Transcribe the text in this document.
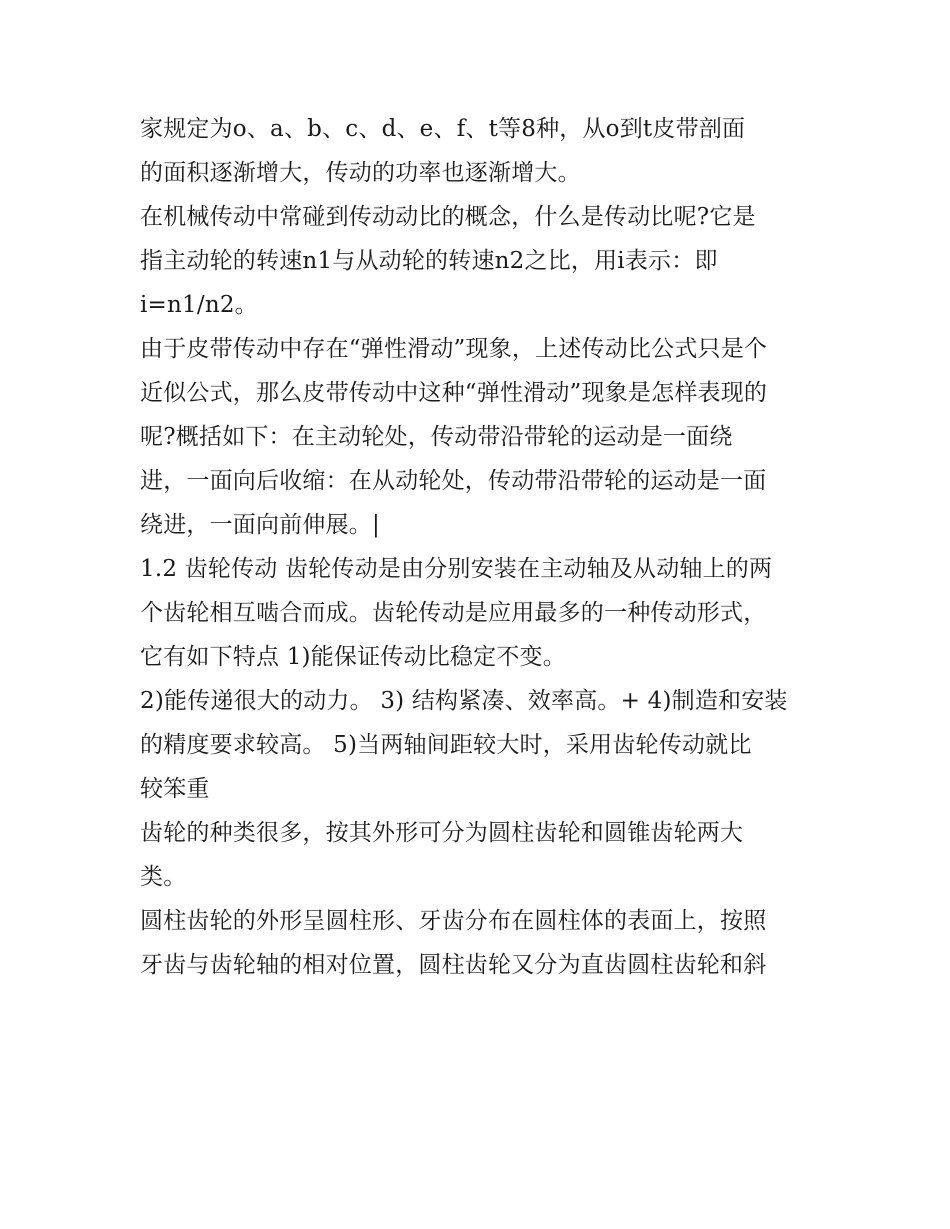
家规定为o、a、b、c、d、e、f、t等8种，从o到t皮带剖面
的面积逐渐增大，传动的功率也逐渐增大。
在机械传动中常碰到传动动比的概念，什么是传动比呢?它是
指主动轮的转速n1与从动轮的转速n2之比，用i表示：即
i=n1/n2。
由于皮带传动中存在“弹性滑动”现象，上述传动比公式只是个
近似公式，那么皮带传动中这种“弹性滑动”现象是怎样表现的
呢?概括如下：在主动轮处，传动带沿带轮的运动是一面绕
进，一面向后收缩：在从动轮处，传动带沿带轮的运动是一面
绕进，一面向前伸展。|
1.2 齿轮传动 齿轮传动是由分别安装在主动轴及从动轴上的两
个齿轮相互啮合而成。齿轮传动是应用最多的一种传动形式，
它有如下特点 1)能保证传动比稳定不变。
2)能传递很大的动力。 3) 结构紧凑、效率高。+ 4)制造和安装
的精度要求较高。 5)当两轴间距较大时，采用齿轮传动就比
较笨重
齿轮的种类很多，按其外形可分为圆柱齿轮和圆锥齿轮两大
类。
圆柱齿轮的外形呈圆柱形、牙齿分布在圆柱体的表面上，按照
牙齿与齿轮轴的相对位置，圆柱齿轮又分为直齿圆柱齿轮和斜
